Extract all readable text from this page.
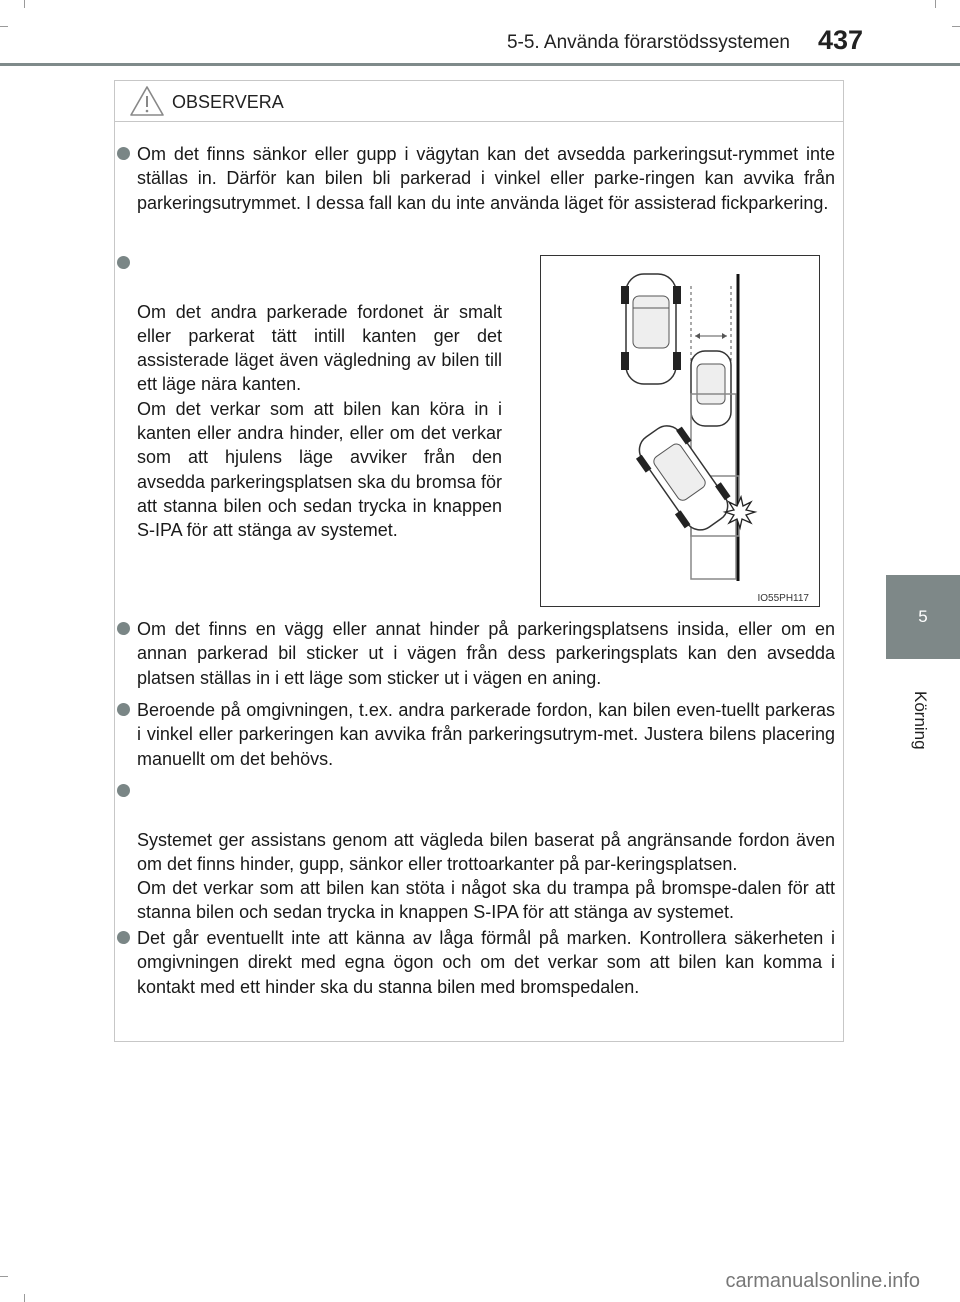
5-5. Använda förarstödssystemen 437
5
Körning
OBSERVERA
Om det finns sänkor eller gupp i vägytan kan det avsedda parkeringsut-rymmet inte ställas in. Därför kan bilen bli parkerad i vinkel eller parke-ringen kan avvika från parkeringsutrymmet. I dessa fall kan du inte använda läget för assisterad fickparkering.

Om det andra parkerade fordonet är smalt eller parkerat tätt intill kanten ger det assisterade läget även vägledning av bilen till ett läge nära kanten.
Om det verkar som att bilen kan köra in i kanten eller andra hinder, eller om det verkar som att hjulens läge avviker från den avsedda parkeringsplatsen ska du bromsa för att stanna bilen och sedan trycka in knappen S-IPA för att stänga av systemet.

IO55PH117
Om det finns en vägg eller annat hinder på parkeringsplatsens insida, eller om en annan parkerad bil sticker ut i vägen från dess parkeringsplats kan den avsedda platsen ställas in i ett läge som sticker ut i vägen en aning.
Beroende på omgivningen, t.ex. andra parkerade fordon, kan bilen even-tuellt parkeras i vinkel eller parkeringen kan avvika från parkeringsutrym-met. Justera bilens placering manuellt om det behövs.

Systemet ger assistans genom att vägleda bilen baserat på angränsande fordon även om det finns hinder, gupp, sänkor eller trottoarkanter på par-keringsplatsen.
Om det verkar som att bilen kan stöta i något ska du trampa på bromspe-dalen för att stanna bilen och sedan trycka in knappen S-IPA för att stänga av systemet.

Det går eventuellt inte att känna av låga förmål på marken. Kontrollera säkerheten i omgivningen direkt med egna ögon och om det verkar som att bilen kan komma i kontakt med ett hinder ska du stanna bilen med bromspedalen.
carmanualsonline.info
